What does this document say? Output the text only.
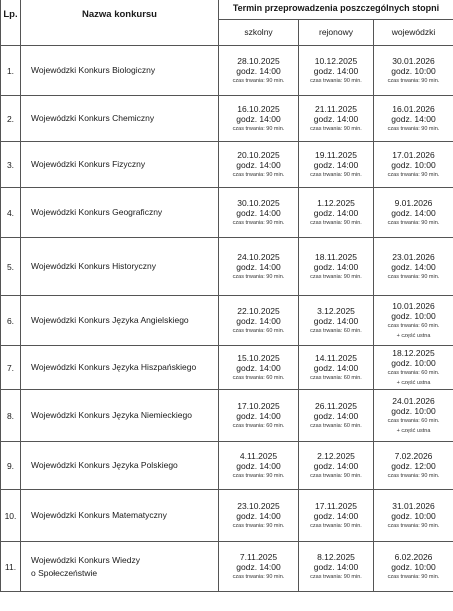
Lp.	Nazwa konkursu	Termin przeprowadzenia poszczególnych stopni		
		szkolny	rejonowy	wojewódzki
1.	Wojewódzki Konkurs Biologiczny	28.10.2025
godz. 14:00
czas trwania: 90 min.	10.12.2025
godz. 14:00
czas trwania: 90 min.	30.01.2026
godz. 10:00
czas trwania: 90 min.

2.	Wojewódzki Konkurs Chemiczny	16.10.2025
godz. 14:00
czas trwania: 90 min.	21.11.2025
godz. 14:00
czas trwania: 90 min.	16.01.2026
godz. 14:00
czas trwania: 90 min.

3.	Wojewódzki Konkurs Fizyczny	20.10.2025
godz. 14:00
czas trwania: 90 min.	19.11.2025
godz. 14:00
czas trwania: 90 min.	17.01.2026
godz. 10:00
czas trwania: 90 min.

4.	Wojewódzki Konkurs Geograficzny	30.10.2025
godz. 14:00
czas trwania: 90 min.	1.12.2025
godz. 14:00
czas trwania: 90 min.	9.01.2026
godz. 14:00
czas trwania: 90 min.

5.	Wojewódzki Konkurs Historyczny	24.10.2025
godz. 14:00
czas trwania: 90 min.	18.11.2025
godz. 14:00
czas trwania: 90 min.	23.01.2026
godz. 14:00
czas trwania: 90 min.

6.	Wojewódzki Konkurs Języka Angielskiego	22.10.2025
godz. 14:00
czas trwania: 60 min.	3.12.2025
godz. 14:00
czas trwania: 60 min.	10.01.2026
godz. 10:00
czas trwania: 60 min.
+ część ustna

7.	Wojewódzki Konkurs Języka Hiszpańskiego	15.10.2025
godz. 14:00
czas trwania: 60 min.	14.11.2025
godz. 14:00
czas trwania: 60 min.	18.12.2025
godz. 10:00
czas trwania: 60 min.
+ część ustna

8.	Wojewódzki Konkurs Języka Niemieckiego	17.10.2025
godz. 14:00
czas trwania: 60 min.	26.11.2025
godz. 14:00
czas trwania: 60 min.	24.01.2026
godz. 10:00
czas trwania: 60 min.
+ część ustna

9.	Wojewódzki Konkurs Języka Polskiego	4.11.2025
godz. 14:00
czas trwania: 90 min.	2.12.2025
godz. 14:00
czas trwania: 90 min.	7.02.2026
godz. 12:00
czas trwania: 90 min.

10.	Wojewódzki Konkurs Matematyczny	23.10.2025
godz. 14:00
czas trwania: 90 min.	17.11.2025
godz. 14:00
czas trwania: 90 min.	31.01.2026
godz. 10:00
czas trwania: 90 min.

11.	Wojewódzki Konkurs Wiedzy
o Społeczeństwie	7.11.2025
godz. 14:00
czas trwania: 90 min.	8.12.2025
godz. 14:00
czas trwania: 90 min.	6.02.2026
godz. 10:00
czas trwania: 90 min.
